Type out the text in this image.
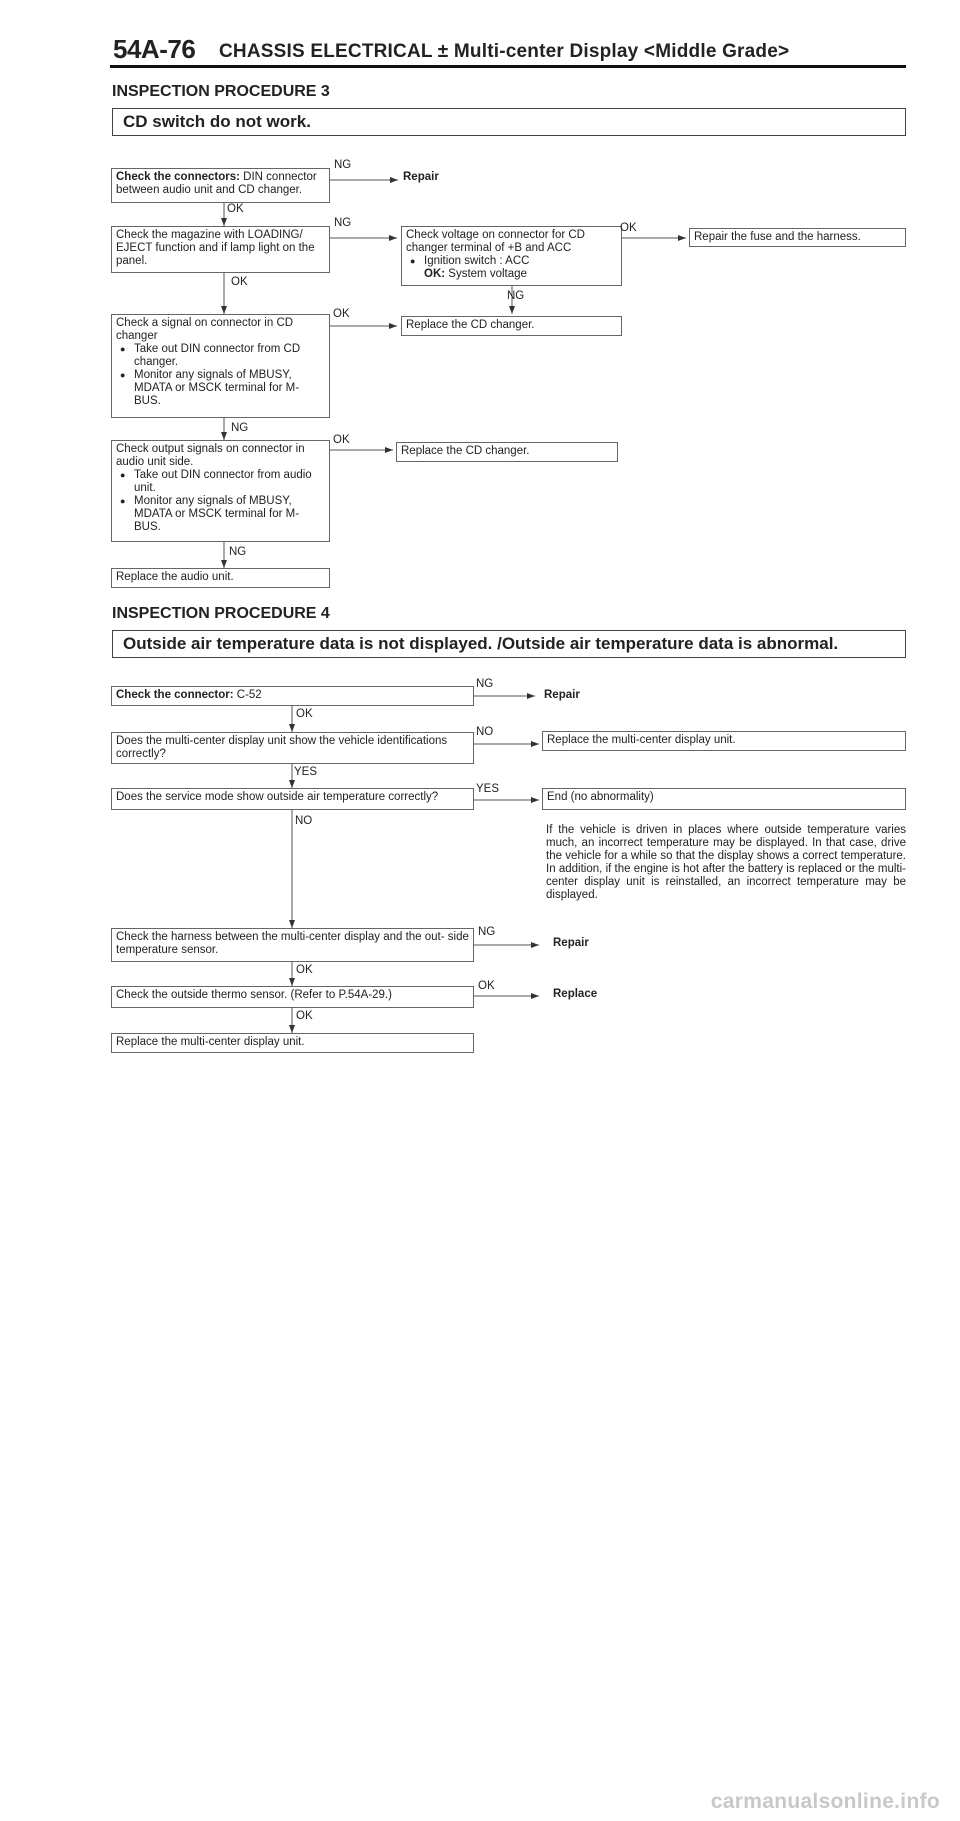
54A-76 CHASSIS ELECTRICAL ± Multi-center Display <Middle Grade>
INSPECTION PROCEDURE 3
CD switch do not work.
Check the connectors: DIN connector between audio unit and CD changer.
NG
Repair
OK
Check the magazine with LOADING/ EJECT function and if lamp light on the panel.
NG
OK
Check voltage on connector for CD changer terminal of +B and ACC
● Ignition switch : ACC
OK: System voltage
OK
Repair the fuse and the harness.
NG
Check a signal on connector in CD changer
● Take out DIN connector from CD changer.
● Monitor any signals of MBUSY, MDATA or MSCK terminal for M-BUS.
OK
Replace the CD changer.
NG
Check output signals on connector in audio unit side.
● Take out DIN connector from audio unit.
● Monitor any signals of MBUSY, MDATA or MSCK terminal for M-BUS.
OK
Replace the CD changer.
NG
Replace the audio unit.
INSPECTION PROCEDURE 4
Outside air temperature data is not displayed. /Outside air temperature data is abnormal.
Check the connector: C-52
NG
Repair
OK
Does the multi-center display unit show the vehicle identifications correctly?
NO
Replace the multi-center display unit.
YES
Does the service mode show outside air temperature correctly?
YES
End (no abnormality)
NO
If the vehicle is driven in places where outside temperature varies much, an incorrect temperature may be displayed. In that case, drive the vehicle for a while so that the display shows a correct temperature. In addition, if the engine is hot after the battery is replaced or the multi-center display unit is reinstalled, an incorrect temperature may be displayed.
Check the harness between the multi-center display and the out- side temperature sensor.
NG
Repair
OK
Check the outside thermo sensor. (Refer to P.54A-29.)
OK
Replace
OK
Replace the multi-center display unit.
carmanualsonline.info
